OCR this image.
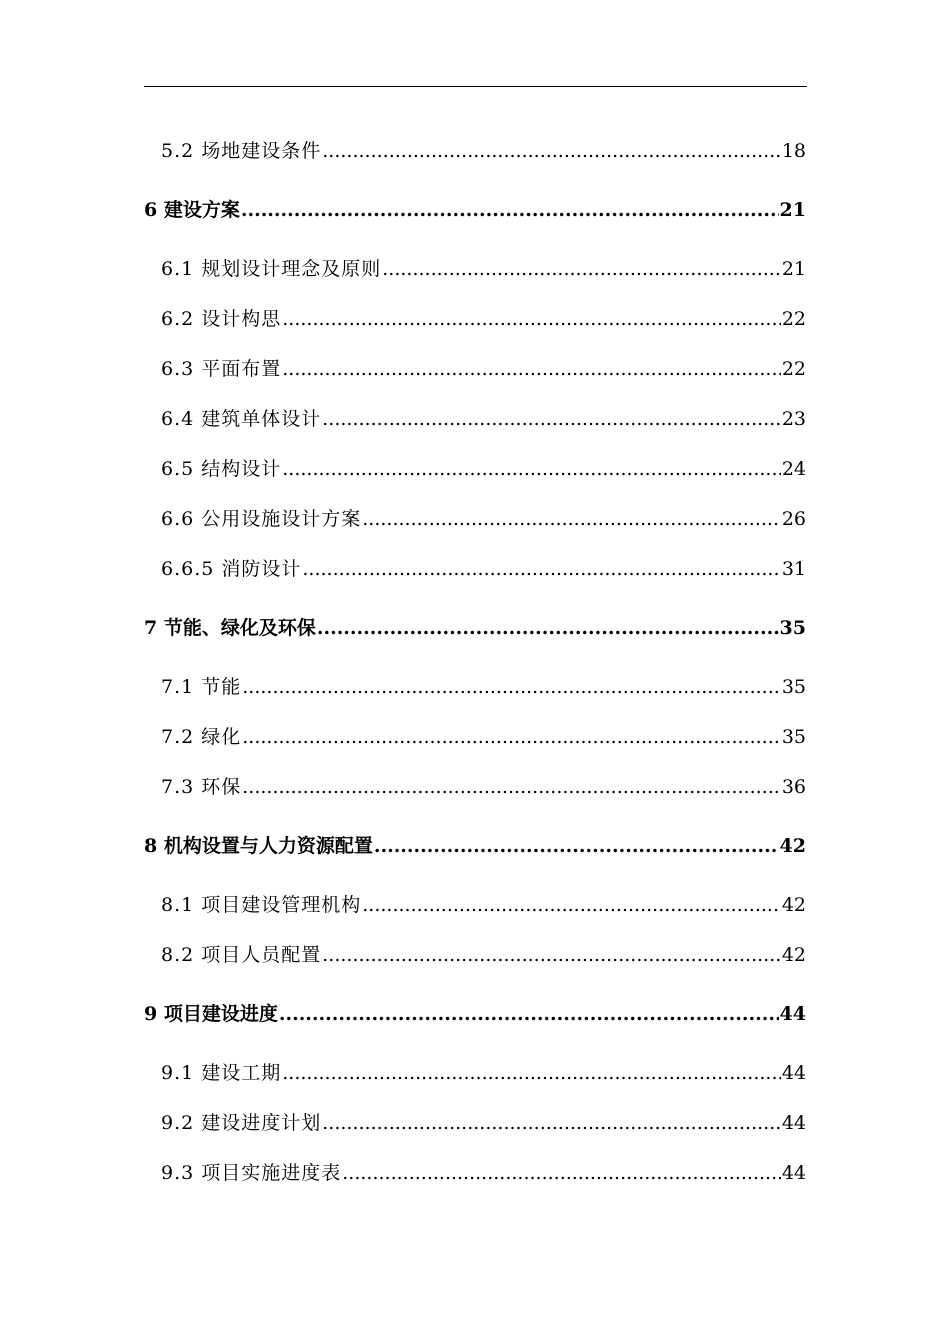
5.2 场地建设条件 .....	18
6 建设方案 .....	21
6.1 规划设计理念及原则 .....	21
6.2 设计构思 .....	22
6.3 平面布置 .....	22
6.4 建筑单体设计 .....	23
6.5 结构设计 .....	24
6.6 公用设施设计方案 .....	26
6.6.5 消防设计 .....	31
7 节能、绿化及环保 .....	35
7.1 节能 .....	35
7.2 绿化 .....	35
7.3 环保 .....	36
8 机构设置与人力资源配置 .....	42
8.1 项目建设管理机构 .....	42
8.2 项目人员配置 .....	42
9 项目建设进度 .....	44
9.1 建设工期 .....	44
9.2 建设进度计划 .....	44
9.3 项目实施进度表 .....	44
